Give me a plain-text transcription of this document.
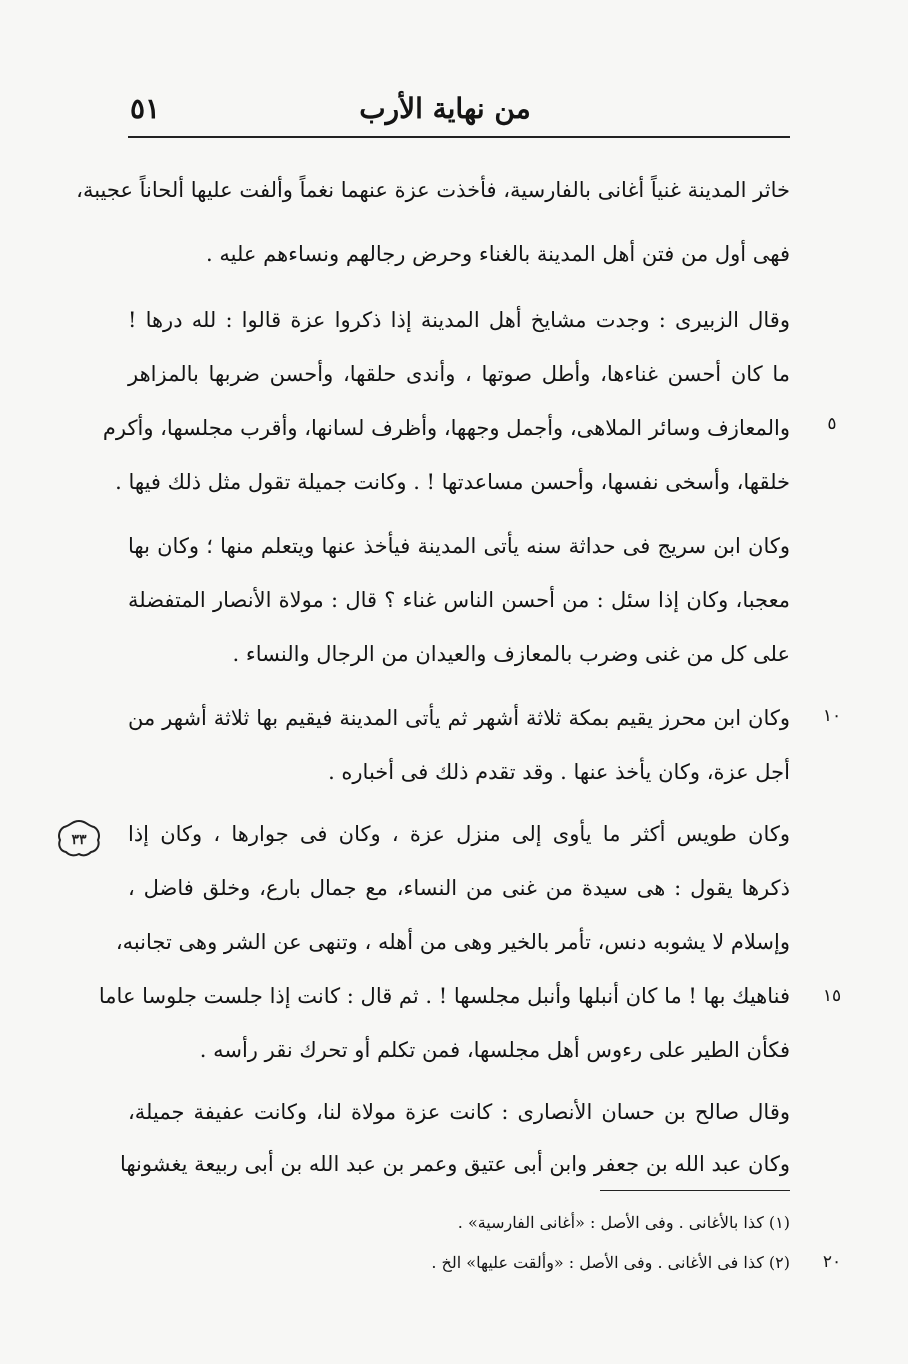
من نهاية الأرب
٥١
خاثر المدينة غنياً أغانى بالفارسية، فأخذت عزة عنهما نغماً وألفت عليها ألحاناً عجيبة،
فهى أول من فتن أهل المدينة بالغناء وحرض رجالهم ونساءهم عليه .
وقال الزبيرى : وجدت مشايخ أهل المدينة إذا ذكروا عزة قالوا : لله درها !
ما كان أحسن غناءها، وأطل صوتها ، وأندى حلقها، وأحسن ضربها بالمزاهر
والمعازف وسائر الملاهى، وأجمل وجهها، وأظرف لسانها، وأقرب مجلسها، وأكرم
خلقها، وأسخى نفسها، وأحسن مساعدتها ! . وكانت جميلة تقول مثل ذلك فيها .
وكان ابن سريج فى حداثة سنه يأتى المدينة فيأخذ عنها ويتعلم منها ؛ وكان بها
معجبا، وكان إذا سئل : من أحسن الناس غناء ؟ قال : مولاة الأنصار المتفضلة
على كل من غنى وضرب بالمعازف والعيدان من الرجال والنساء .
وكان ابن محرز يقيم بمكة ثلاثة أشهر ثم يأتى المدينة فيقيم بها ثلاثة أشهر من
أجل عزة، وكان يأخذ عنها . وقد تقدم ذلك فى أخباره .
وكان طويس أكثر ما يأوى إلى منزل عزة ، وكان فى جوارها ، وكان إذا
ذكرها يقول : هى سيدة من غنى من النساء، مع جمال بارع، وخلق فاضل ،
وإسلام لا يشوبه دنس، تأمر بالخير وهى من أهله ، وتنهى عن الشر وهى تجانبه،
فناهيك بها ! ما كان أنبلها وأنبل مجلسها ! . ثم قال : كانت إذا جلست جلوسا عاما
فكأن الطير على رءوس أهل مجلسها، فمن تكلم أو تحرك نقر رأسه .
وقال صالح بن حسان الأنصارى : كانت عزة مولاة لنا، وكانت عفيفة جميلة،
وكان عبد الله بن جعفر وابن أبى عتيق وعمر بن عبد الله بن أبى ربيعة يغشونها
٥
١٠
١٥
٢٠
٣٣
(١) كذا بالأغانى . وفى الأصل : «أغانى الفارسية» .
(٢) كذا فى الأغانى . وفى الأصل : «وألقت عليها» الخ .
